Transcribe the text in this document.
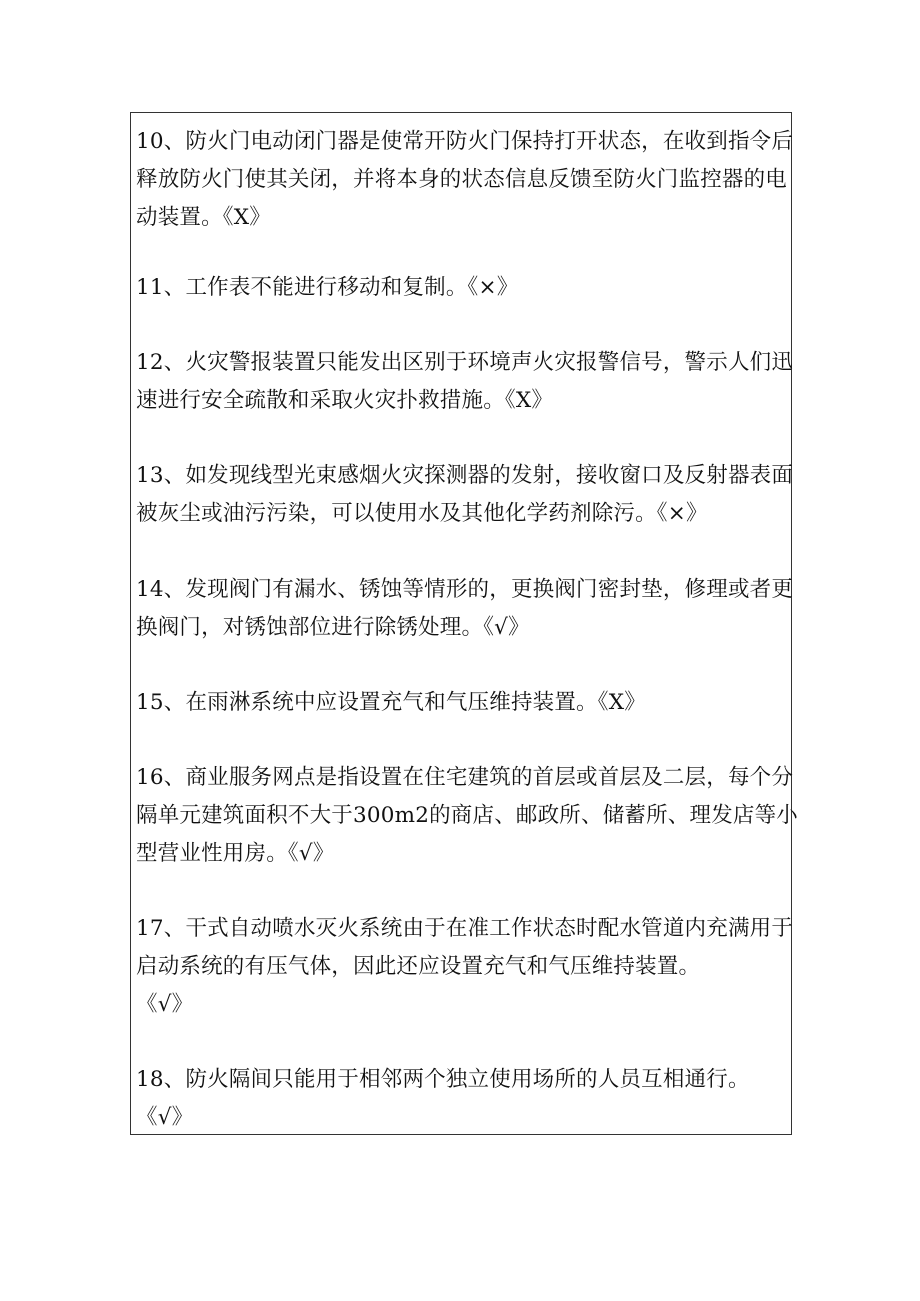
10、防火门电动闭门器是使常开防火门保持打开状态，在收到指令后
释放防火门使其关闭，并将本身的状态信息反馈至防火门监控器的电
动装置。《X》
11、工作表不能进行移动和复制。《×》
12、火灾警报装置只能发出区别于环境声火灾报警信号，警示人们迅
速进行安全疏散和采取火灾扑救措施。《X》
13、如发现线型光束感烟火灾探测器的发射，接收窗口及反射器表面
被灰尘或油污污染，可以使用水及其他化学药剂除污。《×》
14、发现阀门有漏水、锈蚀等情形的，更换阀门密封垫，修理或者更
换阀门，对锈蚀部位进行除锈处理。《√》
15、在雨淋系统中应设置充气和气压维持装置。《X》
16、商业服务网点是指设置在住宅建筑的首层或首层及二层，每个分
隔单元建筑面积不大于300m2的商店、邮政所、储蓄所、理发店等小
型营业性用房。《√》
17、干式自动喷水灭火系统由于在准工作状态时配水管道内充满用于
启动系统的有压气体，因此还应设置充气和气压维持装置。
《√》
18、防火隔间只能用于相邻两个独立使用场所的人员互相通行。
《√》
